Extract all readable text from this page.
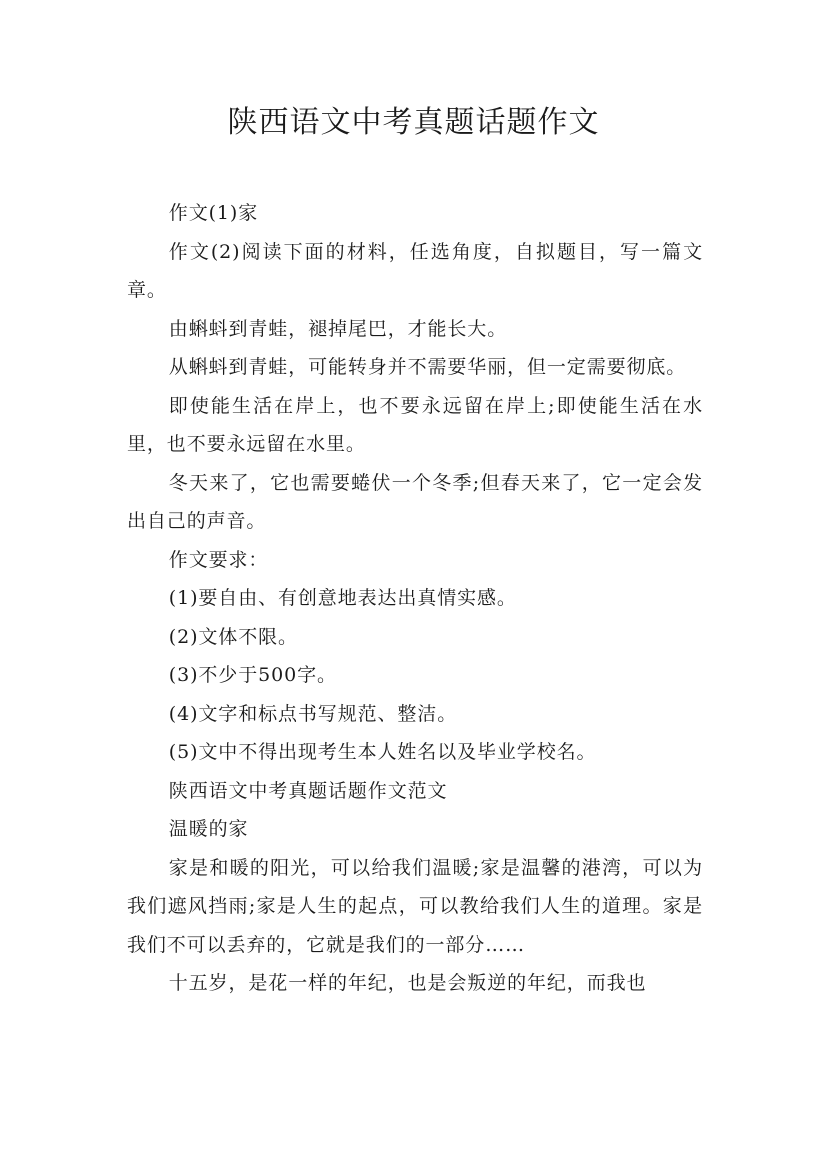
陕西语文中考真题话题作文

作文(1)家

作文(2)阅读下面的材料，任选角度，自拟题目，写一篇文章。

由蝌蚪到青蛙，褪掉尾巴，才能长大。

从蝌蚪到青蛙，可能转身并不需要华丽，但一定需要彻底。

即使能生活在岸上，也不要永远留在岸上;即使能生活在水里，也不要永远留在水里。

冬天来了，它也需要蜷伏一个冬季;但春天来了，它一定会发出自己的声音。

作文要求：

(1)要自由、有创意地表达出真情实感。

(2)文体不限。

(3)不少于500字。

(4)文字和标点书写规范、整洁。

(5)文中不得出现考生本人姓名以及毕业学校名。

陕西语文中考真题话题作文范文

温暖的家

家是和暖的阳光，可以给我们温暖;家是温馨的港湾，可以为我们遮风挡雨;家是人生的起点，可以教给我们人生的道理。家是我们不可以丢弃的，它就是我们的一部分……

十五岁，是花一样的年纪，也是会叛逆的年纪，而我也
